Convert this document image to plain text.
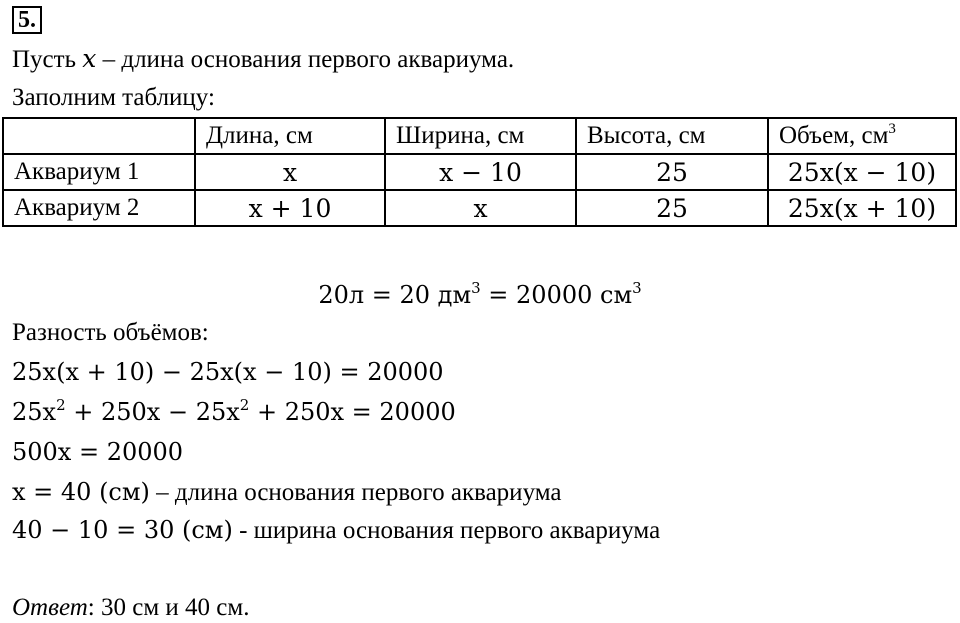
5.
Пусть x – длина основания первого аквариума.
Заполним таблицу:
	Длина, см	Ширина, см	Высота, см	Объем, $см^3$
Аквариум 1	x	x − 10	25	25x(x − 10)
Аквариум 2	x + 10	x	25	25x(x + 10)
20л = 20 $дм^3 = 20000$ $см^3$
Разность объёмов:
25x(x + 10) − 25x(x − 10) = 20000
$25x^2 + 250x - 25x^2 + 250x = 20000$
500x = 20000
x = 40 (см) – длина основания первого аквариума
40 − 10 = 30 (см) - ширина основания первого аквариума
Ответ: 30 см и 40 см.
